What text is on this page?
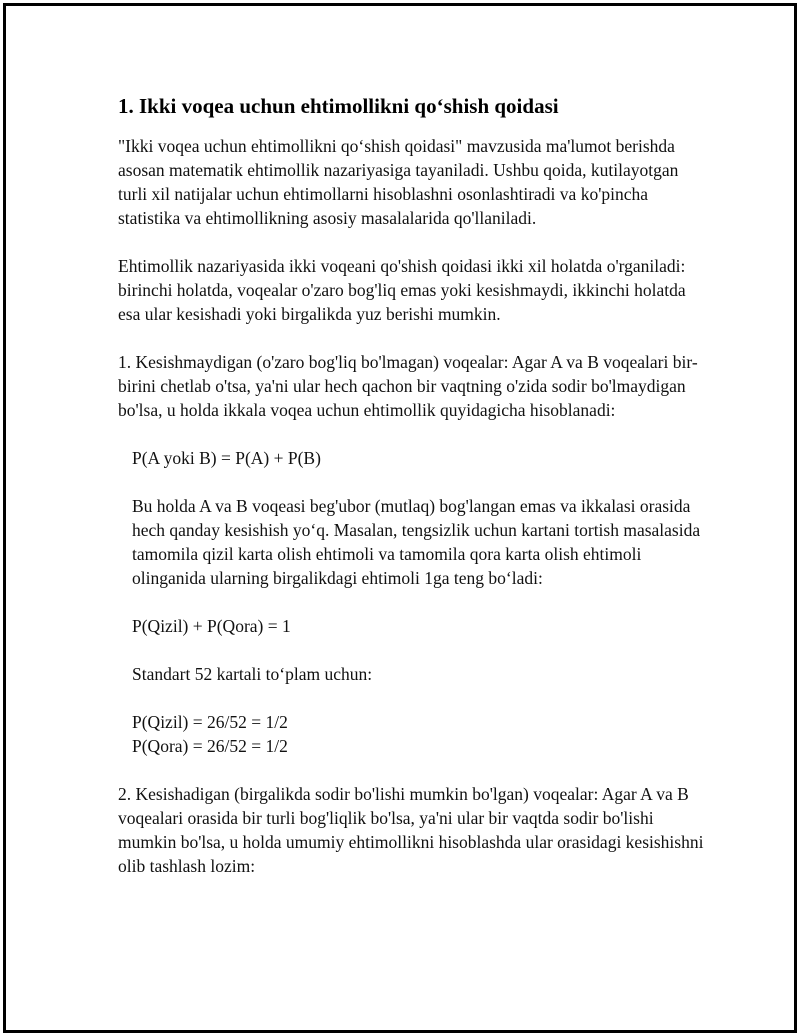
1. Ikki voqea uchun ehtimollikni qo‘shish qoidasi

"Ikki voqea uchun ehtimollikni qo‘shish qoidasi" mavzusida ma'lumot berishda asosan matematik ehtimollik nazariyasiga tayaniladi. Ushbu qoida, kutilayotgan turli xil natijalar uchun ehtimollarni hisoblashni osonlashtiradi va ko'pincha statistika va ehtimollikning asosiy masalalarida qo'llaniladi.

Ehtimollik nazariyasida ikki voqeani qo'shish qoidasi ikki xil holatda o'rganiladi: birinchi holatda, voqealar o'zaro bog'liq emas yoki kesishmaydi, ikkinchi holatda esa ular kesishadi yoki birgalikda yuz berishi mumkin.

1. Kesishmaydigan (o'zaro bog'liq bo'lmagan) voqealar: Agar A va B voqealari bir-birini chetlab o'tsa, ya'ni ular hech qachon bir vaqtning o'zida sodir bo'lmaydigan bo'lsa, u holda ikkala voqea uchun ehtimollik quyidagicha hisoblanadi:

P(A yoki B) = P(A) + P(B)

Bu holda A va B voqeasi beg'ubor (mutlaq) bog'langan emas va ikkalasi orasida hech qanday kesishish yo‘q. Masalan, tengsizlik uchun kartani tortish masalasida tamomila qizil karta olish ehtimoli va tamomila qora karta olish ehtimoli olinganida ularning birgalikdagi ehtimoli 1ga teng bo‘ladi:

P(Qizil) + P(Qora) = 1

Standart 52 kartali to‘plam uchun:

P(Qizil) = 26/52 = 1/2

P(Qora) = 26/52 = 1/2

2. Kesishadigan (birgalikda sodir bo'lishi mumkin bo'lgan) voqealar: Agar A va B voqealari orasida bir turli bog'liqlik bo'lsa, ya'ni ular bir vaqtda sodir bo'lishi mumkin bo'lsa, u holda umumiy ehtimollikni hisoblashda ular orasidagi kesishishni olib tashlash lozim:
